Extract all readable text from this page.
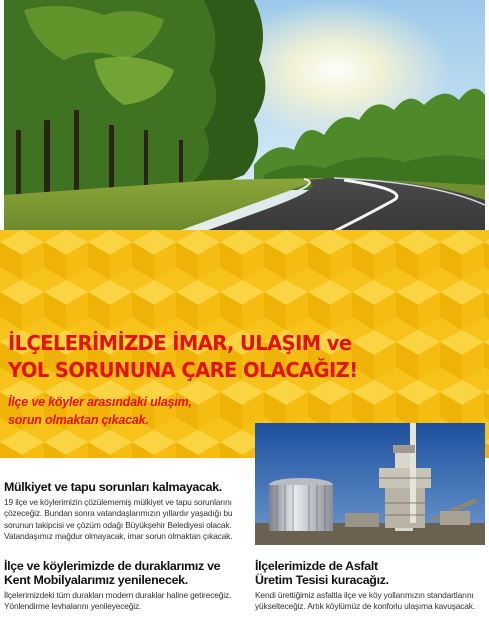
İLÇELERİMİZDE İMAR, ULAŞIM ve
YOL SORUNUNA ÇARE OLACAĞIZ!
İlçe ve köyler arasındaki ulaşım,
sorun olmaktan çıkacak.
Mülkiyet ve tapu sorunları kalmayacak.

19 ilçe ve köylerimizin çözülememiş mülkiyet ve tapu sorunlarını çözeceğiz. Bundan sonra vatandaşlarımızın yıllardır yaşadığı bu sorunun takipcisi ve çözüm odağı Büyükşehir Belediyesi olacak. Vatandaşımız mağdur olmayacak, imar sorun olmaktan çıkacak.

İlçe ve köylerimizde de duraklarımız ve
Kent Mobilyalarımız yenilenecek.

İlçelerimizdeki tüm durakları modern duraklar haline getireceğiz. Yönlendirme levhalarını yenileyeceğiz.

İlçelerimizde de Asfalt
Üretim Tesisi kuracağız.

Kendi ürettiğimiz asfaltla ilçe ve köy yollarımızın standartlarını yükselteceğiz. Artık köylümüz de konforlu ulaşıma kavuşacak.
